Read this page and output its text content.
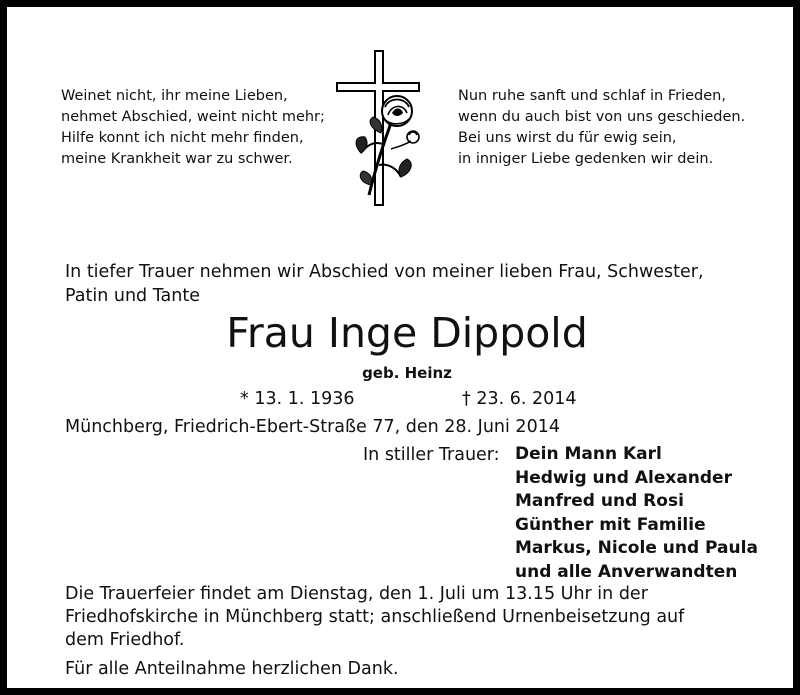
Weinet nicht, ihr meine Lieben,
nehmet Abschied, weint nicht mehr;
Hilfe konnt ich nicht mehr finden,
meine Krankheit war zu schwer.
Nun ruhe sanft und schlaf in Frieden,
wenn du auch bist von uns geschieden.
Bei uns wirst du für ewig sein,
in inniger Liebe gedenken wir dein.
In tiefer Trauer nehmen wir Abschied von meiner lieben Frau, Schwester,
Patin und Tante
Frau Inge Dippold
geb. Heinz
* 13. 1. 1936	† 23. 6. 2014
Münchberg, Friedrich-Ebert-Straße 77, den 28. Juni 2014
In stiller Trauer: Dein Mann Karl
Hedwig und Alexander
Manfred und Rosi
Günther mit Familie
Markus, Nicole und Paula
und alle Anverwandten
Die Trauerfeier findet am Dienstag, den 1. Juli um 13.15 Uhr in der
Friedhofskirche in Münchberg statt; anschließend Urnenbeisetzung auf
dem Friedhof.
Für alle Anteilnahme herzlichen Dank.
